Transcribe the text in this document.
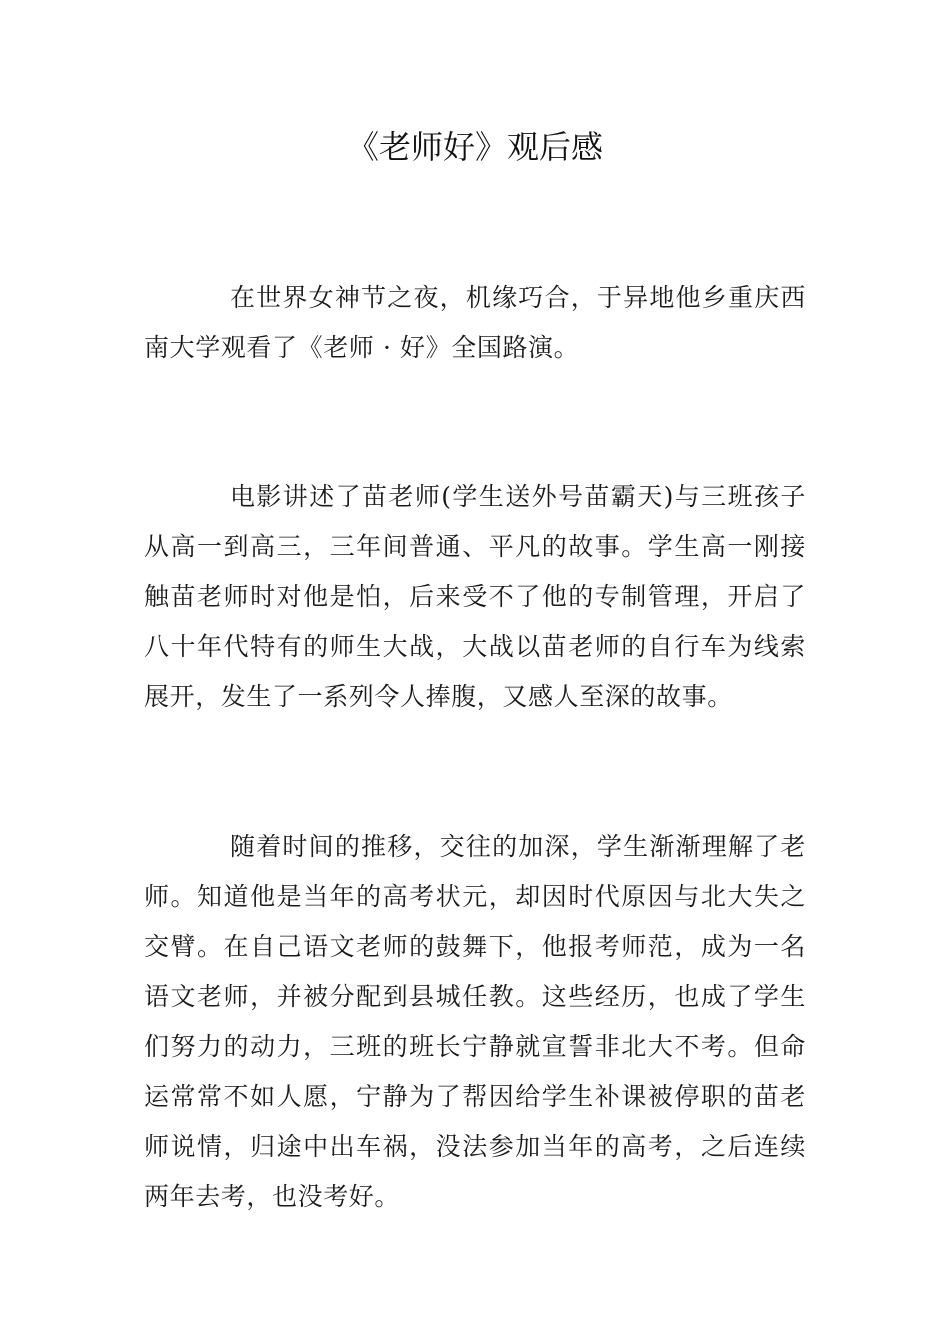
《老师好》观后感

在世界女神节之夜，机缘巧合，于异地他乡重庆西南大学观看了《老师 · 好》全国路演。

电影讲述了苗老师(学生送外号苗霸天)与三班孩子从高一到高三，三年间普通、平凡的故事。学生高一刚接触苗老师时对他是怕，后来受不了他的专制管理，开启了八十年代特有的师生大战，大战以苗老师的自行车为线索展开，发生了一系列令人捧腹，又感人至深的故事。

随着时间的推移，交往的加深，学生渐渐理解了老师。知道他是当年的高考状元，却因时代原因与北大失之交臂。在自己语文老师的鼓舞下，他报考师范，成为一名语文老师，并被分配到县城任教。这些经历，也成了学生们努力的动力，三班的班长宁静就宣誓非北大不考。但命运常常不如人愿，宁静为了帮因给学生补课被停职的苗老师说情，归途中出车祸，没法参加当年的高考，之后连续两年去考，也没考好。
